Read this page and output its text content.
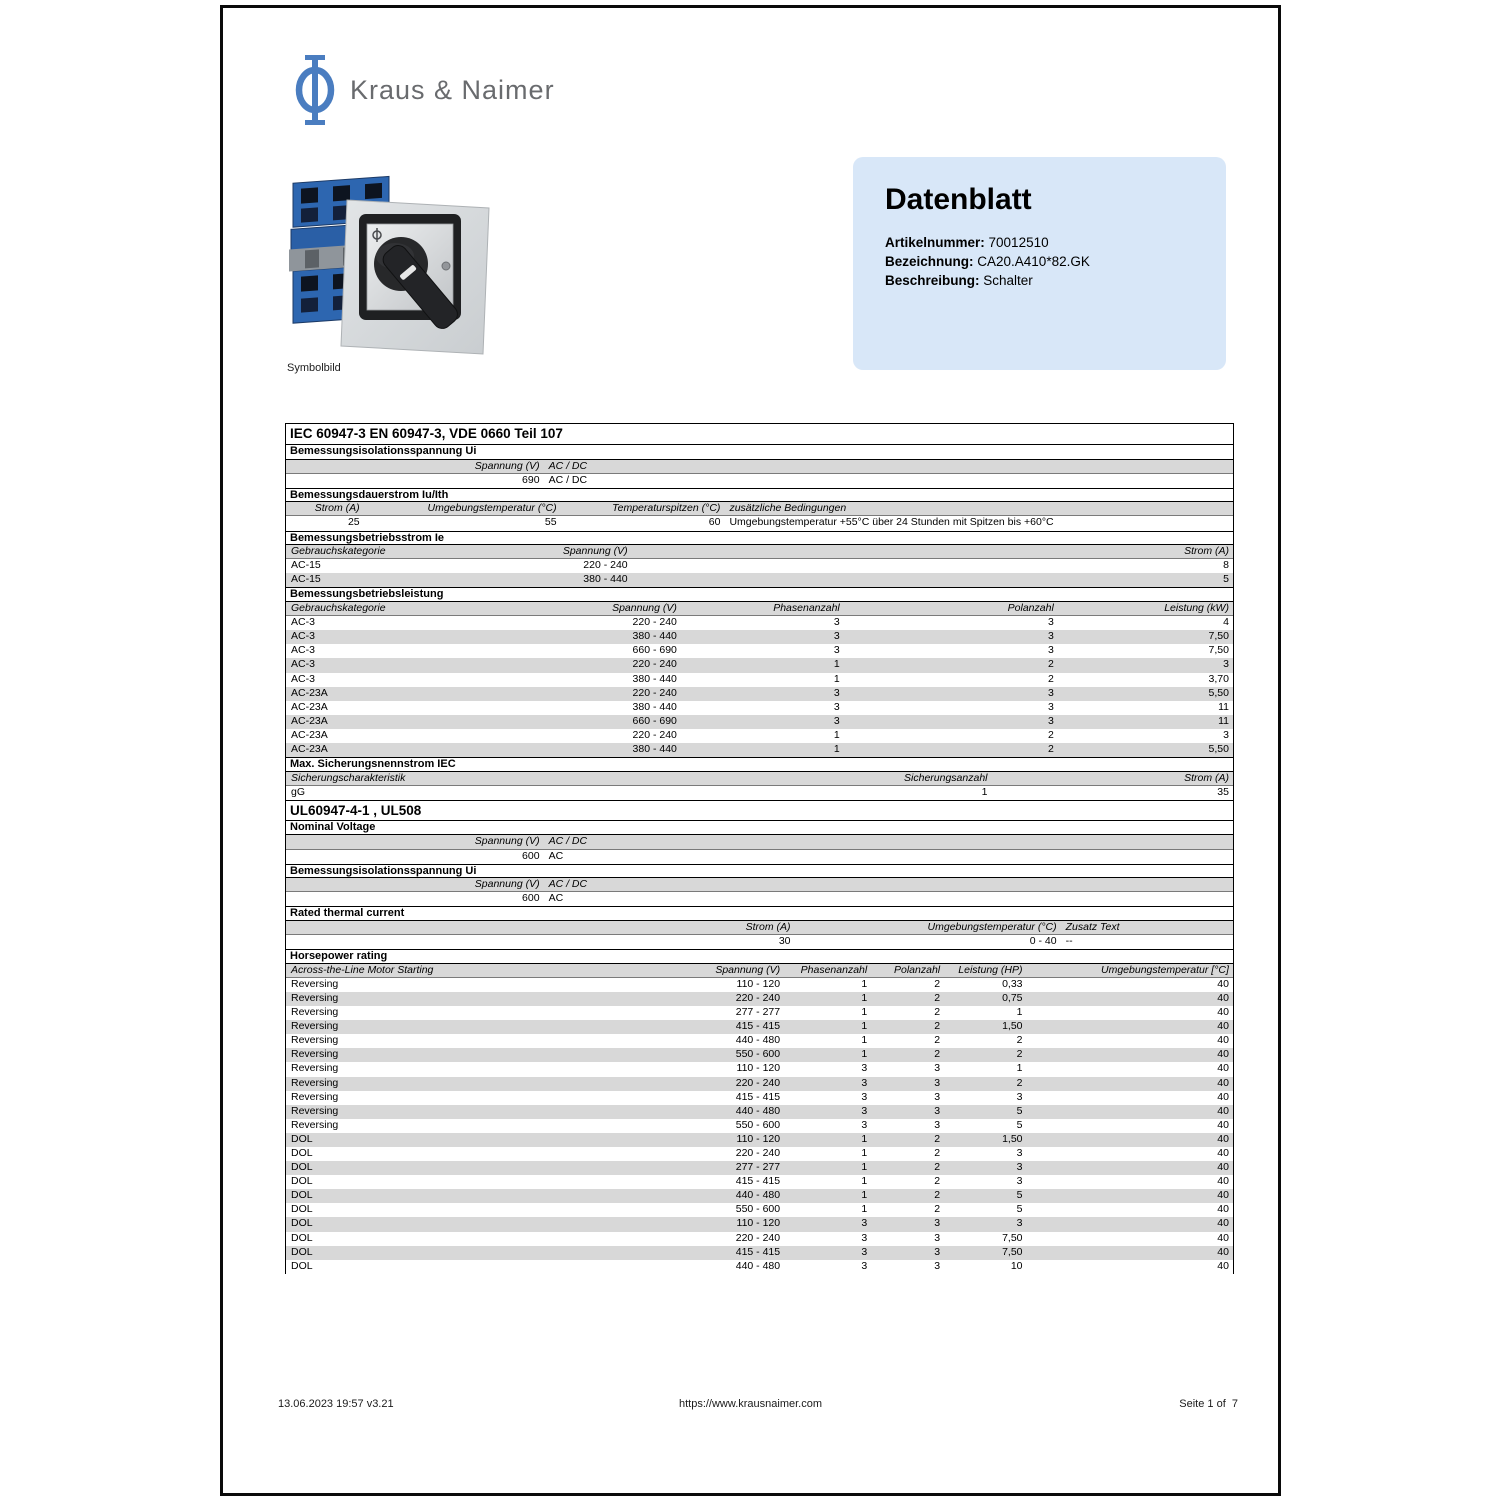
Kraus & Naimer
Symbolbild
Datenblatt
Artikelnummer: 70012510
Bezeichnung: CA20.A410*82.GK
Beschreibung: Schalter
IEC 60947-3 EN 60947-3, VDE 0660 Teil 107
Bemessungsisolationsspannung Ui
Spannung (V) AC / DC
690 AC / DC
Bemessungsdauerstrom Iu/Ith
Strom (A)	Umgebungstemperatur (°C)	Temperaturspitzen (°C) zusätzliche Bedingungen
25	55	60 Umgebungstemperatur +55°C über 24 Stunden mit Spitzen bis +60°C
Bemessungsbetriebsstrom Ie
Gebrauchskategorie	Spannung (V)	Strom (A)
AC-15	220 - 240	8
AC-15	380 - 440	5
Bemessungsbetriebsleistung
Gebrauchskategorie	Spannung (V)	Phasenanzahl	Polanzahl	Leistung (kW)
AC-3	220 - 240	3	3	4
AC-3	380 - 440	3	3	7,50
AC-3	660 - 690	3	3	7,50
AC-3	220 - 240	1	2	3
AC-3	380 - 440	1	2	3,70
AC-23A	220 - 240	3	3	5,50
AC-23A	380 - 440	3	3	11
AC-23A	660 - 690	3	3	11
AC-23A	220 - 240	1	2	3
AC-23A	380 - 440	1	2	5,50
Max. Sicherungsnennstrom IEC
Sicherungscharakteristik	Sicherungsanzahl	Strom (A)
gG	1	35
UL60947-4-1 , UL508
Nominal Voltage
Spannung (V) AC / DC
600 AC
Bemessungsisolationsspannung Ui
Spannung (V) AC / DC
600 AC
Rated thermal current
Strom (A)	Umgebungstemperatur (°C) Zusatz Text
30	0 - 40 --
Horsepower rating
Across-the-Line Motor Starting	Spannung (V)	Phasenanzahl	Polanzahl	Leistung (HP)	Umgebungstemperatur [°C]
Reversing	110 - 120	1	2	0,33	40
Reversing	220 - 240	1	2	0,75	40
Reversing	277 - 277	1	2	1	40
Reversing	415 - 415	1	2	1,50	40
Reversing	440 - 480	1	2	2	40
Reversing	550 - 600	1	2	2	40
Reversing	110 - 120	3	3	1	40
Reversing	220 - 240	3	3	2	40
Reversing	415 - 415	3	3	3	40
Reversing	440 - 480	3	3	5	40
Reversing	550 - 600	3	3	5	40
DOL	110 - 120	1	2	1,50	40
DOL	220 - 240	1	2	3	40
DOL	277 - 277	1	2	3	40
DOL	415 - 415	1	2	3	40
DOL	440 - 480	1	2	5	40
DOL	550 - 600	1	2	5	40
DOL	110 - 120	3	3	3	40
DOL	220 - 240	3	3	7,50	40
DOL	415 - 415	3	3	7,50	40
DOL	440 - 480	3	3	10	40
13.06.2023 19:57 v3.21	https://www.krausnaimer.com	Seite 1 of  7
